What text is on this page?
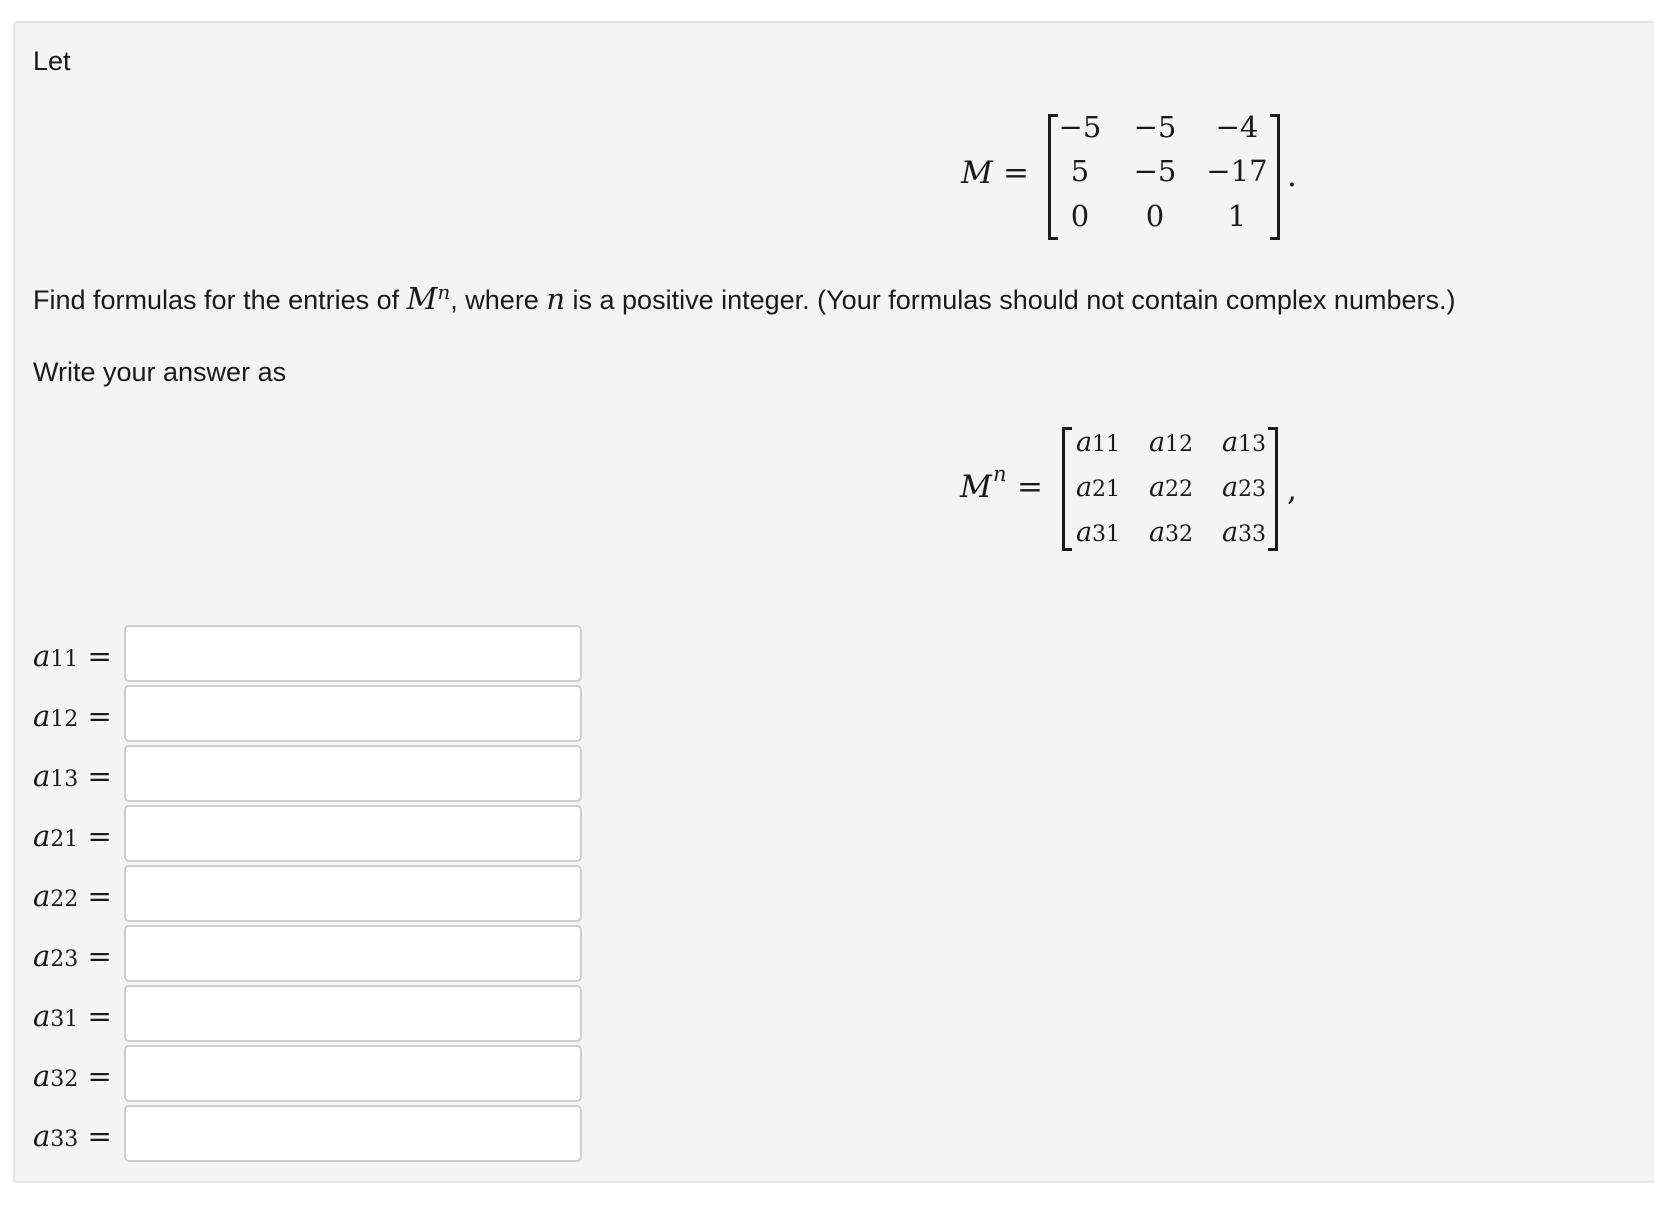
Let
M =
−5	−5	−4
5	−5	−17
0	0	1
.
Find formulas for the entries of $M^n$, where n is a positive integer. (Your formulas should not contain complex numbers.)
Write your answer as
M n =
a11	a12	a13
a21	a22	a23
a31	a32	a33
,
a11 =
a12 =
a13 =
a21 =
a22 =
a23 =
a31 =
a32 =
a33 =
